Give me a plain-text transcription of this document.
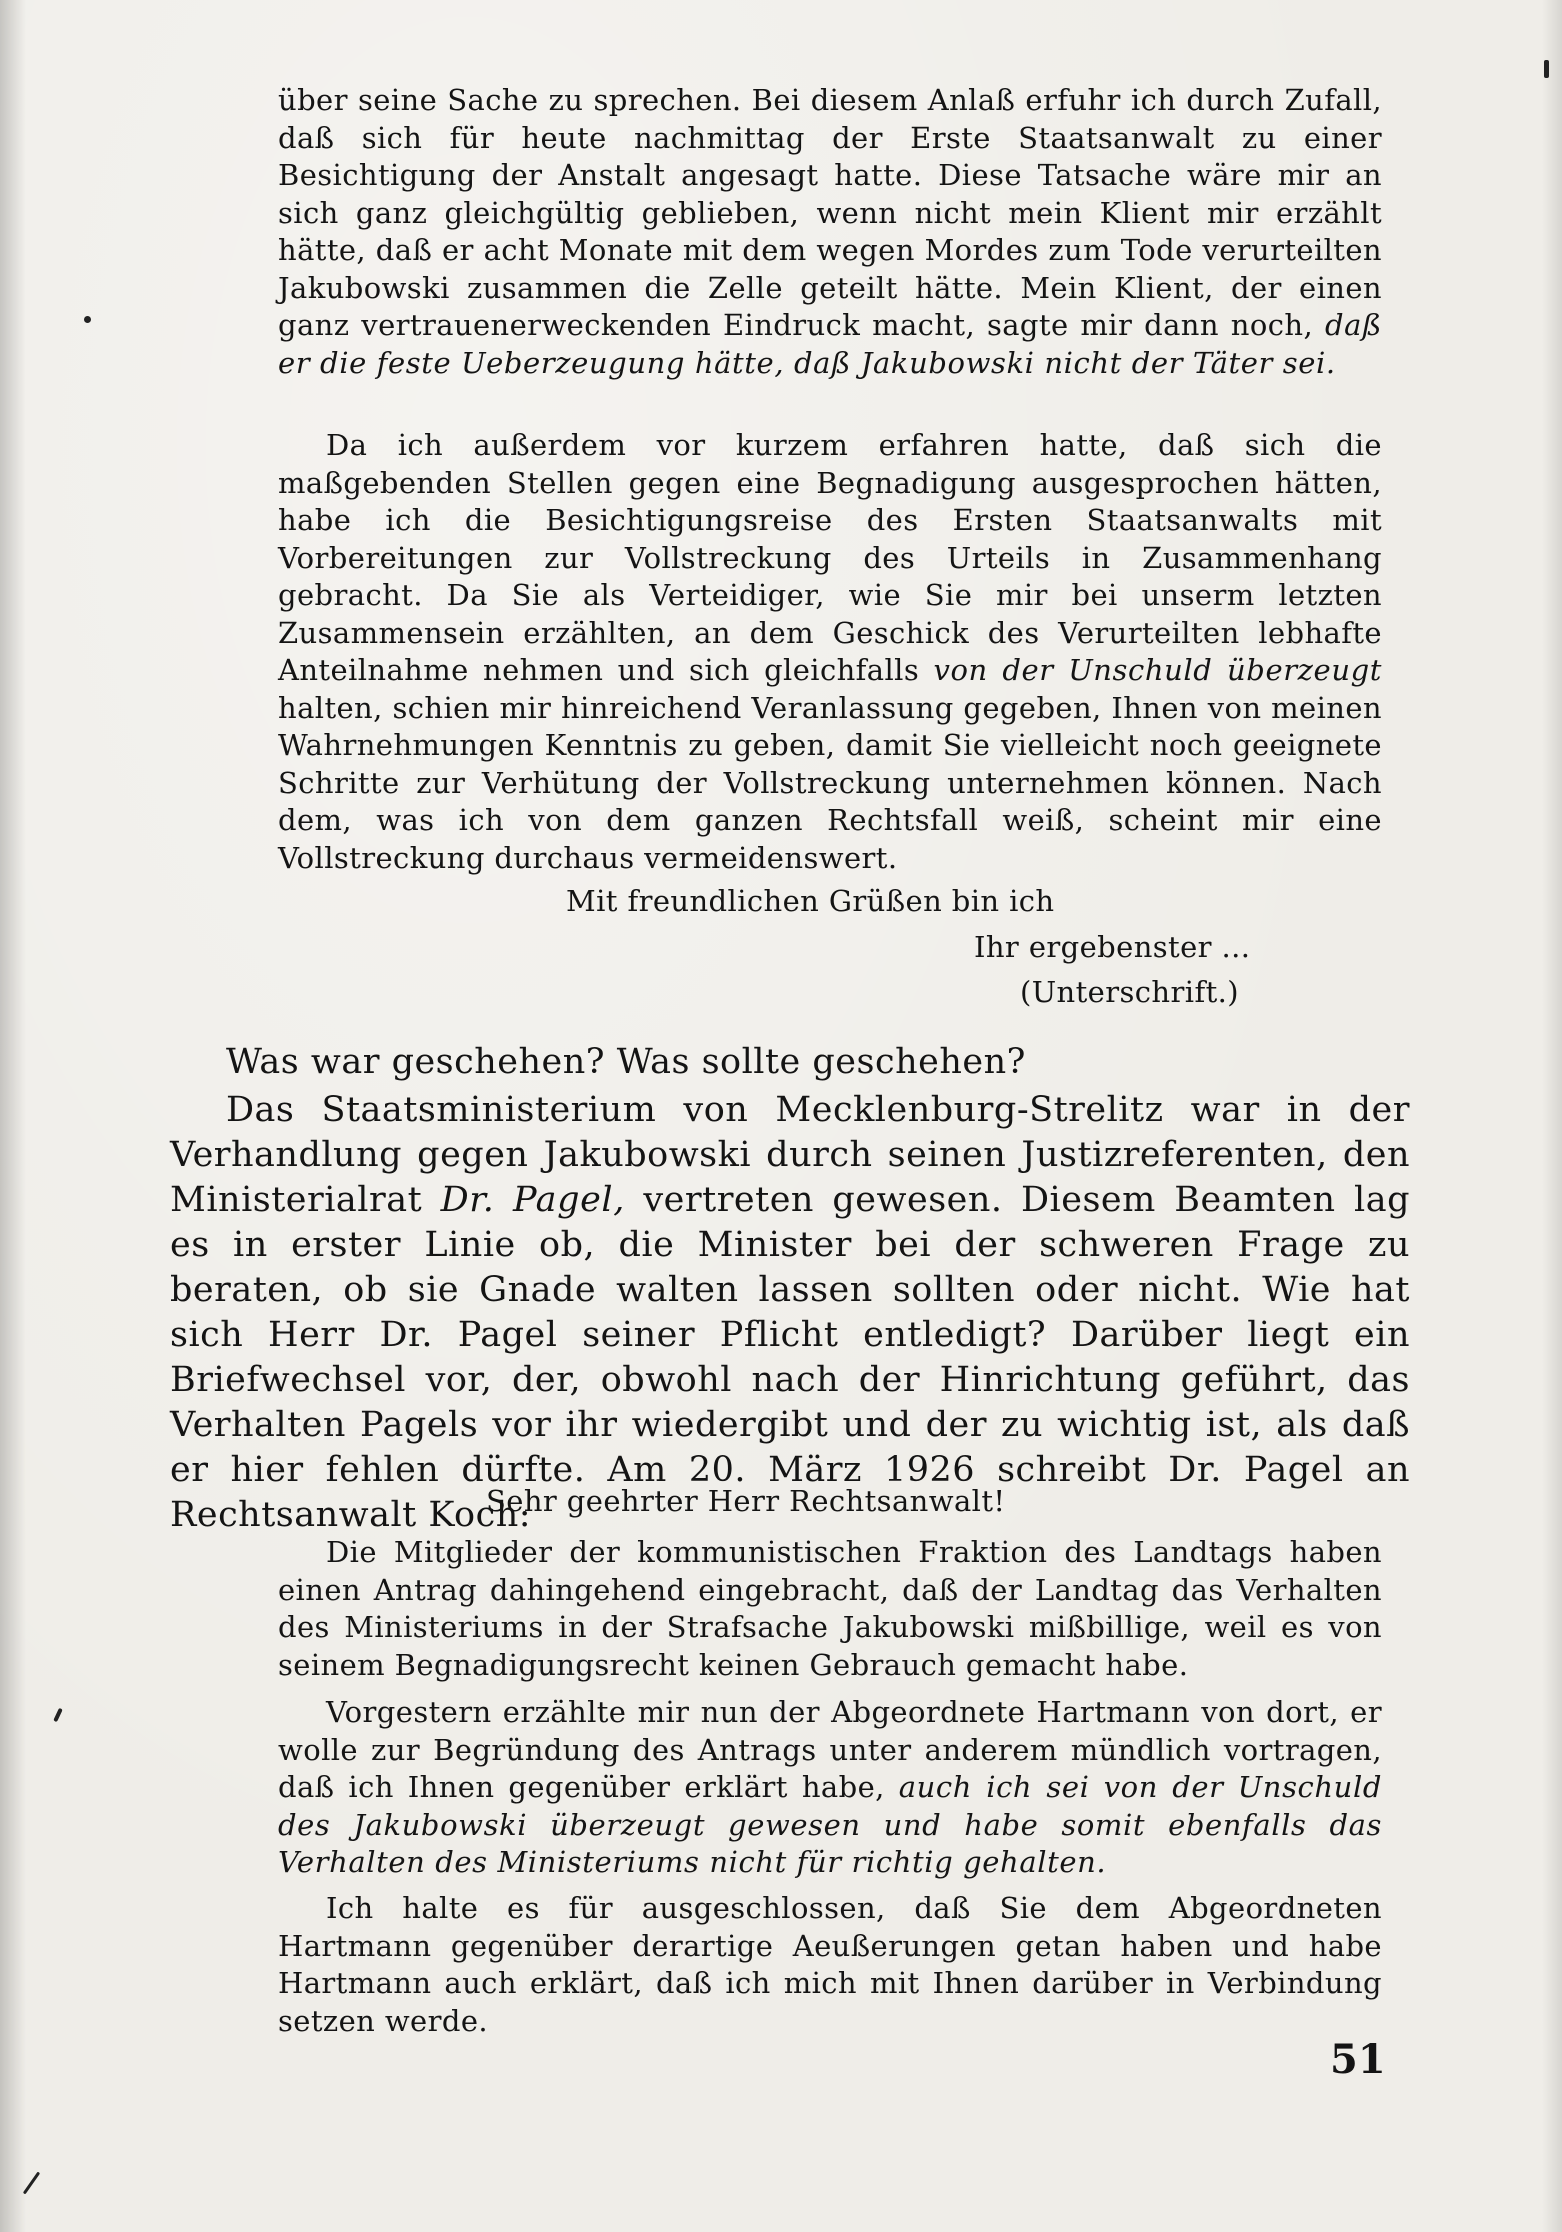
über seine Sache zu sprechen. Bei diesem Anlaß erfuhr ich durch Zufall, daß sich für heute nachmittag der Erste Staatsanwalt zu einer Besichtigung der Anstalt angesagt hatte. Diese Tatsache wäre mir an sich ganz gleichgültig geblieben, wenn nicht mein Klient mir erzählt hätte, daß er acht Monate mit dem wegen Mordes zum Tode verurteilten Jakubowski zusammen die Zelle geteilt hätte. Mein Klient, der einen ganz vertrauenerweckenden Eindruck macht, sagte mir dann noch, daß er die feste Ueberzeugung hätte, daß Jakubowski nicht der Täter sei.

Da ich außerdem vor kurzem erfahren hatte, daß sich die maßgebenden Stellen gegen eine Begnadigung ausgesprochen hätten, habe ich die Besichtigungsreise des Ersten Staatsanwalts mit Vorbereitungen zur Vollstreckung des Urteils in Zusammenhang gebracht. Da Sie als Verteidiger, wie Sie mir bei unserm letzten Zusammensein erzählten, an dem Geschick des Verurteilten lebhafte Anteilnahme nehmen und sich gleichfalls von der Unschuld überzeugt halten, schien mir hinreichend Veranlassung gegeben, Ihnen von meinen Wahrnehmungen Kenntnis zu geben, damit Sie vielleicht noch geeignete Schritte zur Verhütung der Vollstreckung unternehmen können. Nach dem, was ich von dem ganzen Rechtsfall weiß, scheint mir eine Vollstreckung durchaus vermeidenswert.

Mit freundlichen Grüßen bin ich

Ihr ergebenster ...

(Unterschrift.)

Was war geschehen? Was sollte geschehen?

Das Staatsministerium von Mecklenburg-Strelitz war in der Verhandlung gegen Jakubowski durch seinen Justizreferenten, den Ministerialrat Dr. Pagel, vertreten gewesen. Diesem Beamten lag es in erster Linie ob, die Minister bei der schweren Frage zu beraten, ob sie Gnade walten lassen sollten oder nicht. Wie hat sich Herr Dr. Pagel seiner Pflicht entledigt? Darüber liegt ein Briefwechsel vor, der, obwohl nach der Hinrichtung geführt, das Verhalten Pagels vor ihr wiedergibt und der zu wichtig ist, als daß er hier fehlen dürfte. Am 20. März 1926 schreibt Dr. Pagel an Rechtsanwalt Koch:

Sehr geehrter Herr Rechtsanwalt!

Die Mitglieder der kommunistischen Fraktion des Landtags haben einen Antrag dahingehend eingebracht, daß der Landtag das Verhalten des Ministeriums in der Strafsache Jakubowski mißbillige, weil es von seinem Begnadigungsrecht keinen Gebrauch gemacht habe.

Vorgestern erzählte mir nun der Abgeordnete Hartmann von dort, er wolle zur Begründung des Antrags unter anderem mündlich vortragen, daß ich Ihnen gegenüber erklärt habe, auch ich sei von der Unschuld des Jakubowski überzeugt gewesen und habe somit ebenfalls das Verhalten des Ministeriums nicht für richtig gehalten.

Ich halte es für ausgeschlossen, daß Sie dem Abgeordneten Hartmann gegenüber derartige Aeußerungen getan haben und habe Hartmann auch erklärt, daß ich mich mit Ihnen darüber in Verbindung setzen werde.

51
